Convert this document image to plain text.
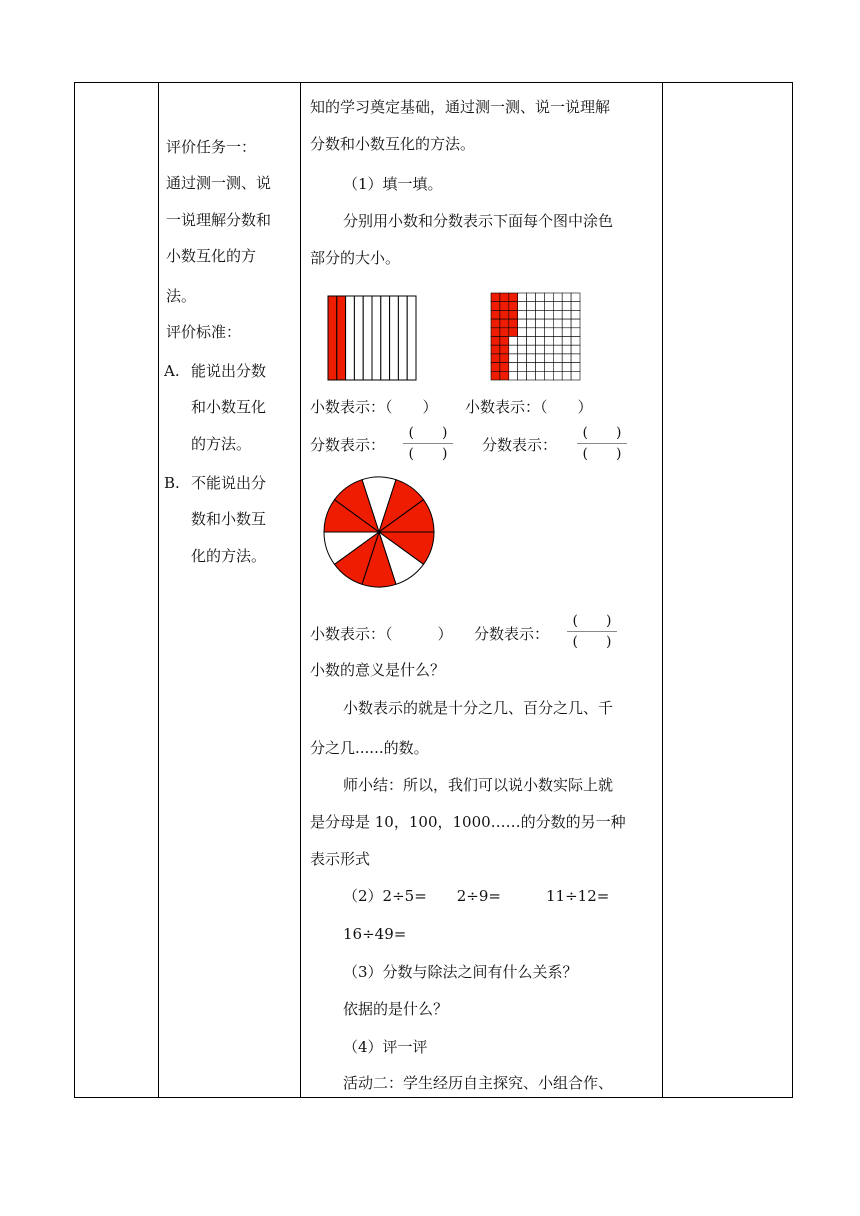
评价任务一：
通过测一测、说
一说理解分数和
小数互化的方
法。
评价标准：
A. 能说出分数
和小数互化
的方法。
B. 不能说出分
数和小数互
化的方法。
知的学习奠定基础，通过测一测、说一说理解
分数和小数互化的方法。
（1）填一填。
分别用小数和分数表示下面每个图中涂色
部分的大小。
小数表示：（　　） 小数表示：（　　）
分数表示：
(　　)
(　　)	分数表示：
(　　)
(　　)
小数表示：（　　　） 分数表示：
(　　)
(　　)
小数的意义是什么？
小数表示的就是十分之几、百分之几、千
分之几......的数。
师小结：所以，我们可以说小数实际上就
是分母是 10，100，1000……的分数的另一种
表示形式
（2）2÷5=　　2÷9=　　　11÷12=
16÷49=
（3）分数与除法之间有什么关系？
依据的是什么？
（4）评一评
活动二：学生经历自主探究、小组合作、
